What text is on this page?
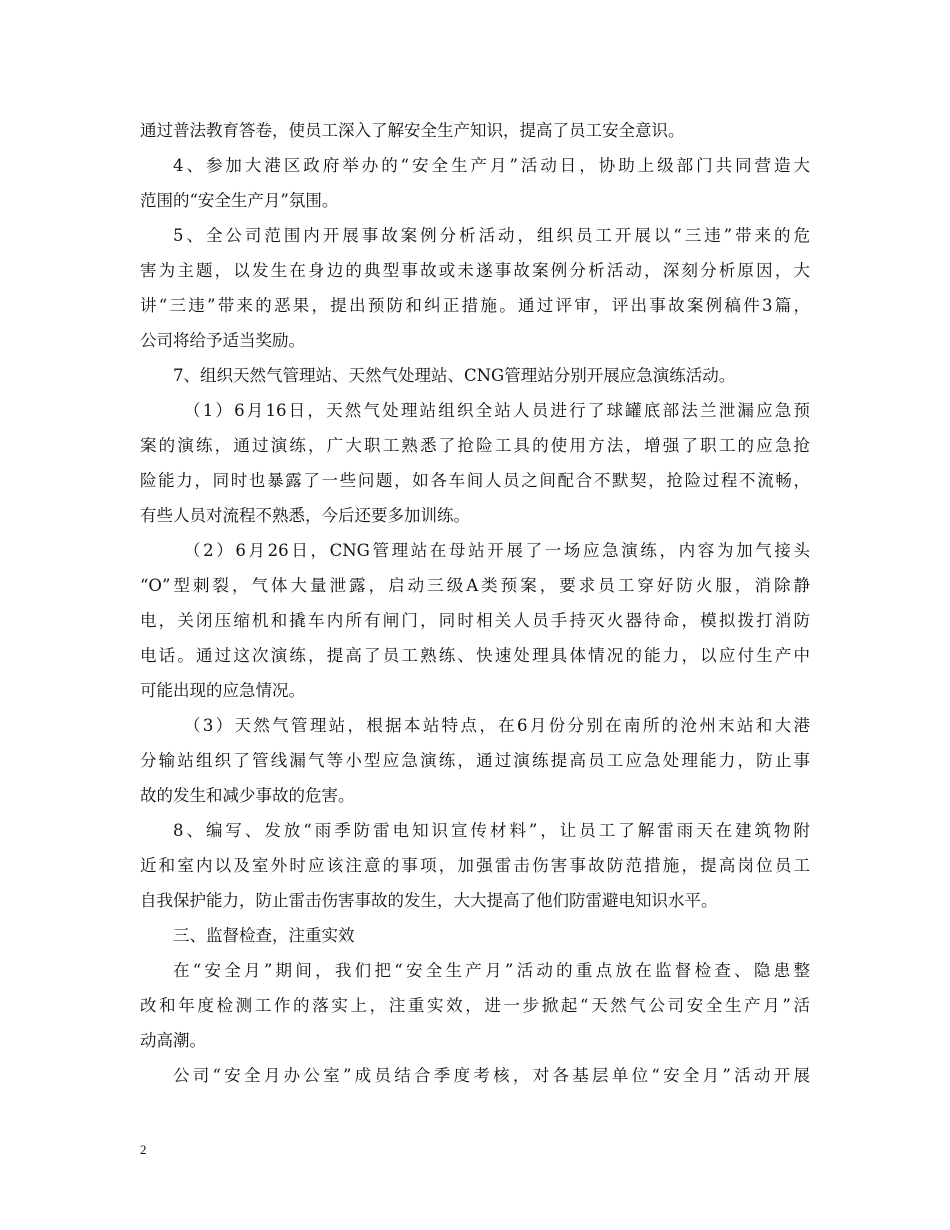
通过普法教育答卷，使员工深入了解安全生产知识，提高了员工安全意识。
4、参加大港区政府举办的“安全生产月”活动日，协助上级部门共同营造大
范围的“安全生产月”氛围。
5、全公司范围内开展事故案例分析活动，组织员工开展以“三违”带来的危
害为主题，以发生在身边的典型事故或未遂事故案例分析活动，深刻分析原因，大
讲“三违”带来的恶果，提出预防和纠正措施。通过评审，评出事故案例稿件3篇，
公司将给予适当奖励。
7、组织天然气管理站、天然气处理站、CNG管理站分别开展应急演练活动。
（1）6月16日，天然气处理站组织全站人员进行了球罐底部法兰泄漏应急预
案的演练，通过演练，广大职工熟悉了抢险工具的使用方法，增强了职工的应急抢
险能力，同时也暴露了一些问题，如各车间人员之间配合不默契，抢险过程不流畅，
有些人员对流程不熟悉，今后还要多加训练。
（2）6月26日，CNG管理站在母站开展了一场应急演练，内容为加气接头
“O”型刺裂，气体大量泄露，启动三级A类预案，要求员工穿好防火服，消除静
电，关闭压缩机和撬车内所有闸门，同时相关人员手持灭火器待命，模拟拨打消防
电话。通过这次演练，提高了员工熟练、快速处理具体情况的能力，以应付生产中
可能出现的应急情况。
（3）天然气管理站，根据本站特点，在6月份分别在南所的沧州末站和大港
分输站组织了管线漏气等小型应急演练，通过演练提高员工应急处理能力，防止事
故的发生和减少事故的危害。
8、编写、发放“雨季防雷电知识宣传材料”，让员工了解雷雨天在建筑物附
近和室内以及室外时应该注意的事项，加强雷击伤害事故防范措施，提高岗位员工
自我保护能力，防止雷击伤害事故的发生，大大提高了他们防雷避电知识水平。
三、监督检查，注重实效
在“安全月”期间，我们把“安全生产月”活动的重点放在监督检查、隐患整
改和年度检测工作的落实上，注重实效，进一步掀起“天然气公司安全生产月”活
动高潮。
公司“安全月办公室”成员结合季度考核，对各基层单位“安全月”活动开展
2
